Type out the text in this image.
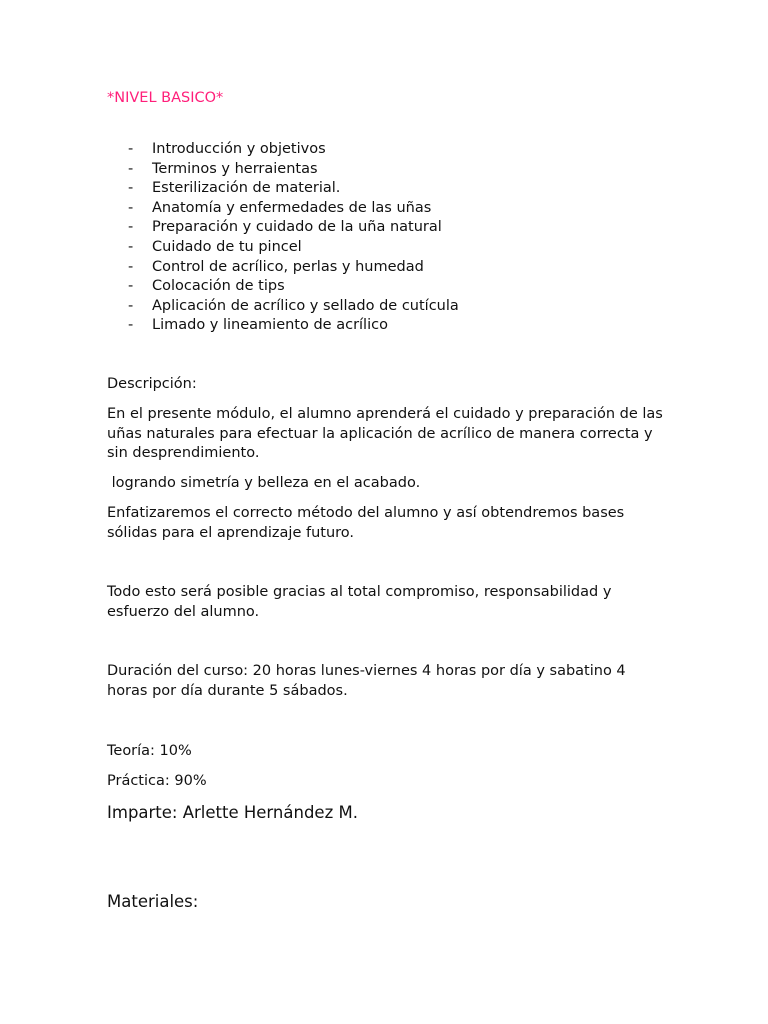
*NIVEL BASICO*
- Introducción y objetivos
- Terminos y herraientas
- Esterilización de material.
- Anatomía y enfermedades de las uñas
- Preparación y cuidado de la uña natural
- Cuidado de tu pincel
- Control de acrílico, perlas y humedad
- Colocación de tips
- Aplicación de acrílico y sellado de cutícula
- Limado y lineamiento de acrílico

Descripción:

En el presente módulo, el alumno aprenderá el cuidado y preparación de las uñas naturales para efectuar la aplicación de acrílico de manera correcta y sin desprendimiento.

logrando simetría y belleza en el acabado.

Enfatizaremos el correcto método del alumno y así obtendremos bases sólidas para el aprendizaje futuro.

Todo esto será posible gracias al total compromiso, responsabilidad y esfuerzo del alumno.

Duración del curso: 20 horas lunes-viernes 4 horas por día y sabatino 4 horas por día durante 5 sábados.

Teoría: 10%

Práctica: 90%

Imparte: Arlette Hernández M.

Materiales:
